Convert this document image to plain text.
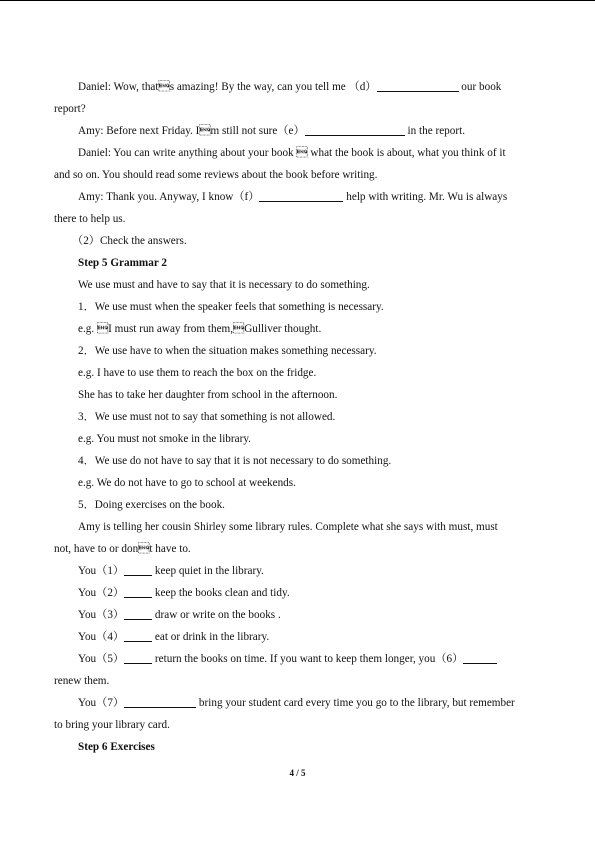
Daniel: Wow, thats amazing! By the way, can you tell me （d）	our book

report?

Amy: Before next Friday. Im still not sure（e）	in the report.

Daniel: You can write anything about your book  what the book is about, what you think of it

and so on. You should read some reviews about the book before writing.

Amy: Thank you. Anyway, I know（f）	help with writing. Mr. Wu is always

there to help us.

（2）Check the answers.

Step 5 Grammar 2

We use must and have to say that it is necessary to do something.

1．We use must when the speaker feels that something is necessary.

e.g. I must run away from them,Gulliver thought.

2．We use have to when the situation makes something necessary.

e.g. I have to use them to reach the box on the fridge.

She has to take her daughter from school in the afternoon.

3．We use must not to say that something is not allowed.

e.g. You must not smoke in the library.

4．We use do not have to say that it is not necessary to do something.

e.g. We do not have to go to school at weekends.

5．Doing exercises on the book.

Amy is telling her cousin Shirley some library rules. Complete what she says with must, must

not, have to or dont have to.

You（1）	keep quiet in the library.

You（2）	keep the books clean and tidy.

You（3）	draw or write on the books .

You（4）	eat or drink in the library.

You（5）	return the books on time. If you want to keep them longer, you（6）

renew them.

You（7）	bring your student card every time you go to the library, but remember

to bring your library card.

Step 6 Exercises

4 / 5
